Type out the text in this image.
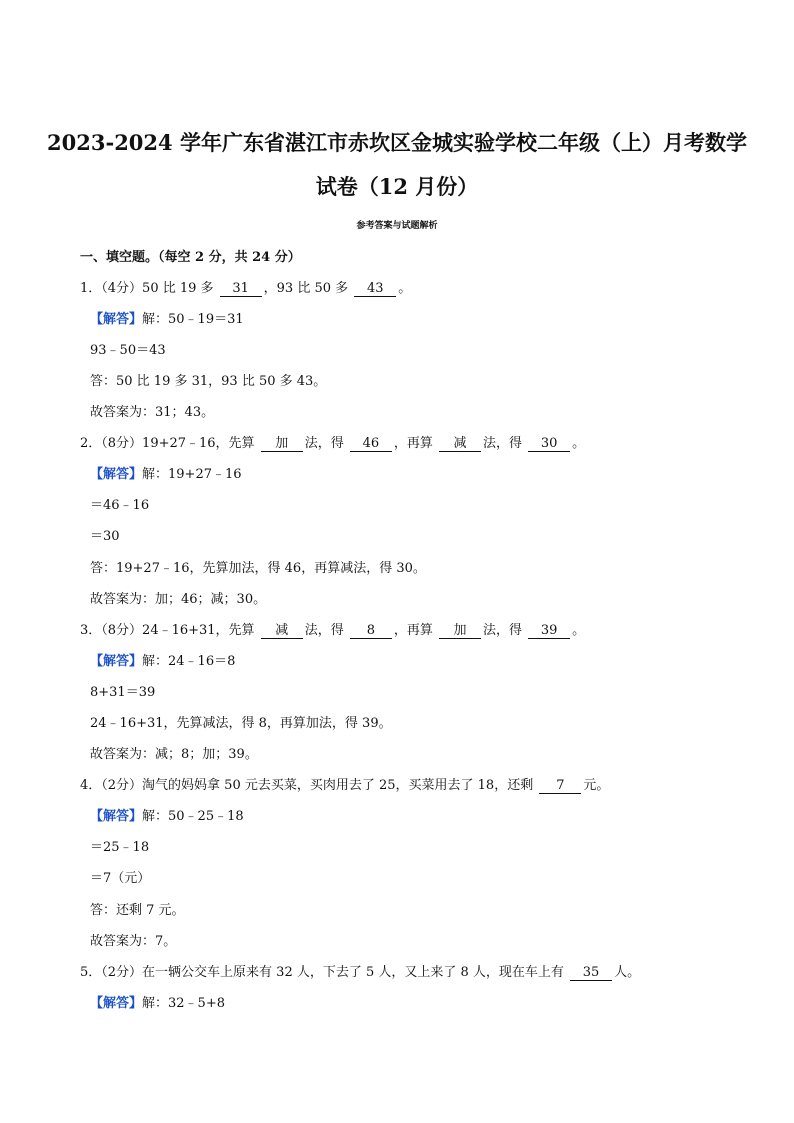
2023-2024 学年广东省湛江市赤坎区金城实验学校二年级（上）月考数学
试卷（12 月份）
参考答案与试题解析
一、填空题。（每空 2 分，共 24 分）
1．（4分）50 比 19 多 31 ，93 比 50 多 43 。
【解答】解：50﹣19＝31
93﹣50＝43
答：50 比 19 多 31，93 比 50 多 43。
故答案为：31；43。
2．（8分）19+27﹣16，先算 加 法，得 46 ，再算 减 法，得 30 。
【解答】解：19+27﹣16
＝46﹣16
＝30
答：19+27﹣16，先算加法，得 46，再算减法，得 30。
故答案为：加；46；减；30。
3．（8分）24﹣16+31，先算 减 法，得 8 ，再算 加 法，得 39 。
【解答】解：24﹣16＝8
8+31＝39
24﹣16+31，先算减法，得 8，再算加法，得 39。
故答案为：减；8；加；39。
4．（2分）淘气的妈妈拿 50 元去买菜，买肉用去了 25，买菜用去了 18，还剩 7 元。
【解答】解：50﹣25﹣18
＝25﹣18
＝7（元）
答：还剩 7 元。
故答案为：7。
5．（2分）在一辆公交车上原来有 32 人，下去了 5 人，又上来了 8 人，现在车上有 35 人。
【解答】解：32﹣5+8
